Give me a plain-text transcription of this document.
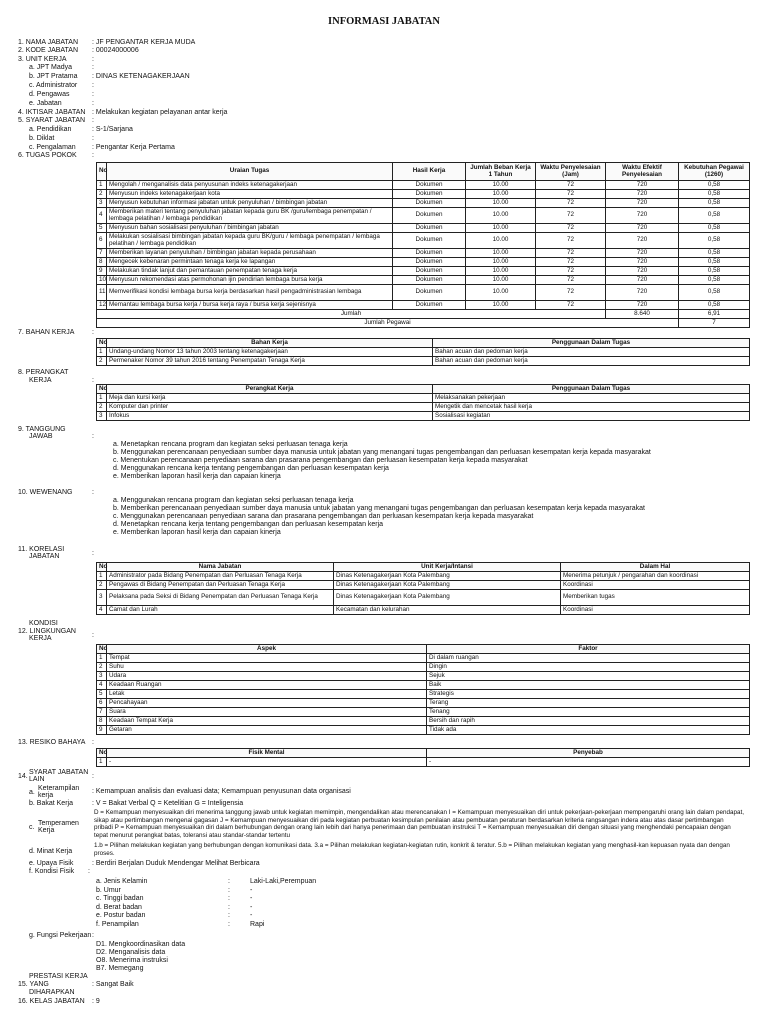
INFORMASI JABATAN
1. NAMA JABATAN : JF PENGANTAR KERJA MUDA
2. KODE JABATAN : 00024000006
3. UNIT KERJA	:
a. JPT Madya	:
b. JPT Pratama : DINAS KETENAGAKERJAAN
c. Administrator :
d. Pengawas	:
e. Jabatan	:
4. IKTISAR JABATAN : Melakukan kegiatan pelayanan antar kerja
5. SYARAT JABATAN :
a. Pendidikan	: S-1/Sarjana
b. Diklat	:
c. Pengalaman : Pengantar Kerja Pertama
6. TUGAS POKOK :
No	Uraian Tugas	Hasil Kerja	Jumlah Beban Kerja 1 Tahun	Waktu Penyelesaian (Jam)	Waktu Efektif Penyelesaian	Kebutuhan Pegawai (1260)
1	Mengolah / menganalisis data penyusunan indeks ketenagakerjaan	Dokumen	10.00	72	720	0,58
2	Menyusun indeks ketenagakerjaan kota	Dokumen	10.00	72	720	0,58
3	Menyusun kebutuhan informasi jabatan untuk penyuluhan / bimbingan jabatan	Dokumen	10.00	72	720	0,58
4	Memberikan materi tentang penyuluhan jabatan kepada guru BK /guru/lembaga penempatan / lembaga pelatihan / lembaga pendidikan	Dokumen	10.00	72	720	0,58
5	Menyusun bahan sosialisasi penyuluhan / bimbingan jabatan	Dokumen	10.00	72	720	0,58
6	Melakukan sosialisasi bimbingan jabatan kepada guru BK/guru / lembaga penempatan / lembaga pelatihan / lembaga pendidikan	Dokumen	10.00	72	720	0,58
7	Memberikan layanan penyuluhan / bimbingan jabatan kepada perusahaan	Dokumen	10.00	72	720	0,58
8	Mengecek kebenaran permintaan tenaga kerja ke lapangan	Dokumen	10.00	72	720	0,58
9	Melakukan tindak lanjut dan pemantauan penempatan tenaga kerja	Dokumen	10.00	72	720	0,58
10	Menyusun rekomendasi atas permohonan ijin pendirian lembaga bursa kerja	Dokumen	10.00	72	720	0,58
11	Memverifikasi kondisi lembaga bursa kerja berdasarkan hasil pengadministrasian lembaga	Dokumen	10.00	72	720	0,58
12	Memantau lembaga bursa kerja / bursa kerja raya / bursa kerja sejenisnya	Dokumen	10.00	72	720	0,58
Jumlah					8.640	6,91
Jumlah Pegawai						7
7. BAHAN KERJA	:
No	Bahan Kerja	Penggunaan Dalam Tugas
1	Undang-undang Nomor 13 tahun 2003 tentang ketenagakerjaan	Bahan acuan dan pedoman kerja
2	Permenaker Nomor 39 tahun 2016 tentang Penempatan Tenaga Kerja	Bahan acuan dan pedoman kerja
8. PERANGKAT
KERJA	:
No	Perangkat Kerja	Penggunaan Dalam Tugas
1	Meja dan kursi kerja	Melaksanakan pekerjaan
2	Komputer dan printer	Mengetik dan mencetak hasil kerja
3	Infokus	Sosialisasi kegiatan
9. TANGGUNG
JAWAB	:
a. Menetapkan rencana program dan kegiatan seksi perluasan tenaga kerja
b. Menggunakan perencanaan penyediaan sumber daya manusia untuk jabatan yang menangani tugas pengembangan dan perluasan kesempatan kerja kepada masyarakat
c. Menentukan perencanaan penyediaan sarana dan prasarana pengembangan dan perluasan kesempatan kerja kepada masyarakat
d. Menggunakan rencana kerja tentang pengembangan dan perluasan kesempatan kerja
e. Memberikan laporan hasil kerja dan capaian kinerja
10. WEWENANG	:
a. Menggunakan rencana program dan kegiatan seksi perluasan tenaga kerja
b. Memberikan perencanaan penyediaan sumber daya manusia untuk jabatan yang menangani tugas pengembangan dan perluasan kesempatan kerja kepada masyarakat
c. Menggunakan perencanaan penyediaan sarana dan prasarana pengembangan dan perluasan kesempatan kerja kepada masyarakat
d. Menetapkan rencana kerja tentang pengembangan dan perluasan kesempatan kerja
e. Memberikan laporan hasil kerja dan capaian kinerja
11. KORELASI
JABATAN	:
No	Nama Jabatan	Unit Kerja/Intansi	Dalam Hal
1	Administrator pada Bidang Penempatan dan Perluasan Tenaga Kerja	Dinas Ketenagakerjaan Kota Palembang	Menerima petunjuk / pengarahan dan koordinasi
2	Pengawas di Bidang Penempatan dan Perluasan Tenaga Kerja	Dinas Ketenagakerjaan Kota Palembang	Koordinasi
3	Pelaksana pada Seksi di Bidang Penempatan dan Perluasan Tenaga Kerja	Dinas Ketenagakerjaan Kota Palembang	Memberikan tugas
4	Camat dan Lurah	Kecamatan dan kelurahan	Koordinasi
KONDISI
12. LINGKUNGAN
KERJA	:
No	Aspek	Faktor
1	Tempat	Di dalam ruangan
2	Suhu	Dingin
3	Udara	Sejuk
4	Keadaan Ruangan	Baik
5	Letak	Strategis
6	Pencahayaan	Terang
7	Suara	Tenang
8	Keadaan Tempat Kerja	Bersih dan rapih
9	Getaran	Tidak ada
13. RESIKO BAHAYA :
No	Fisik Mental	Penyebab
1	-	-
SYARAT JABATAN
14. LAIN	:
a.
Keterampilan
kerja
: Kemampuan analisis dan evaluasi data; Kemampuan penyusunan data organisasi
b. Bakat Kerja	: V = Bakat Verbal Q = Ketelitian G = Inteligensia
c.
Temperamen
Kerja
D = Kemampuan menyesuaikan diri menerima tanggung jawab untuk kegiatan memimpin, mengendalikan atau merencanakan I = Kemampuan menyesuaikan diri untuk pekerjaan-pekerjaan mempengaruhi orang lain dalam pendapat, sikap atau pertimbangan mengenai gagasan J = Kemampuan menyesuaikan diri pada kegiatan perbuatan kesimpulan penilaian atau pembuatan peraturan berdasarkan kriteria rangsangan indera atau atas dasar pertimbangan pribadi P = Kemampuan menyesuaikan diri dalam berhubungan dengan orang lain lebih dari hanya penerimaan dan pembuatan instruksi T = Kemampuan menyesuaikan diri dengan situasi yang menghendaki pencapaian dengan tepat menurut perangkat batas, toleransi atau standar-standar tertentu
d. Minat Kerja
1.b = Pilihan melakukan kegiatan yang berhubungan dengan komunikasi data. 3.a = Pilihan melakukan kegiatan-kegiatan rutin, konkrit & teratur. 5.b = Pilihan melakukan kegiatan yang menghasil-kan kepuasan nyata dan dengan proses.
e. Upaya Fisik	: Berdiri Berjalan Duduk Mendengar Melihat Berbicara
f. Kondisi Fisik :
a. Jenis Kelamin	:	Laki-Laki,Perempuan
b. Umur	:	-
c. Tinggi badan	:	-
d. Berat badan	:	-
e. Postur badan	:	-
f. Penampilan	:	Rapi
g. Fungsi Pekerjaan :
D1. Mengkoordinasikan data
D2. Menganalisis data
O8. Menerima instruksi
B7. Memegang
PRESTASI KERJA
15. YANG
DIHARAPKAN
: Sangat Baik
16. KELAS JABATAN : 9
